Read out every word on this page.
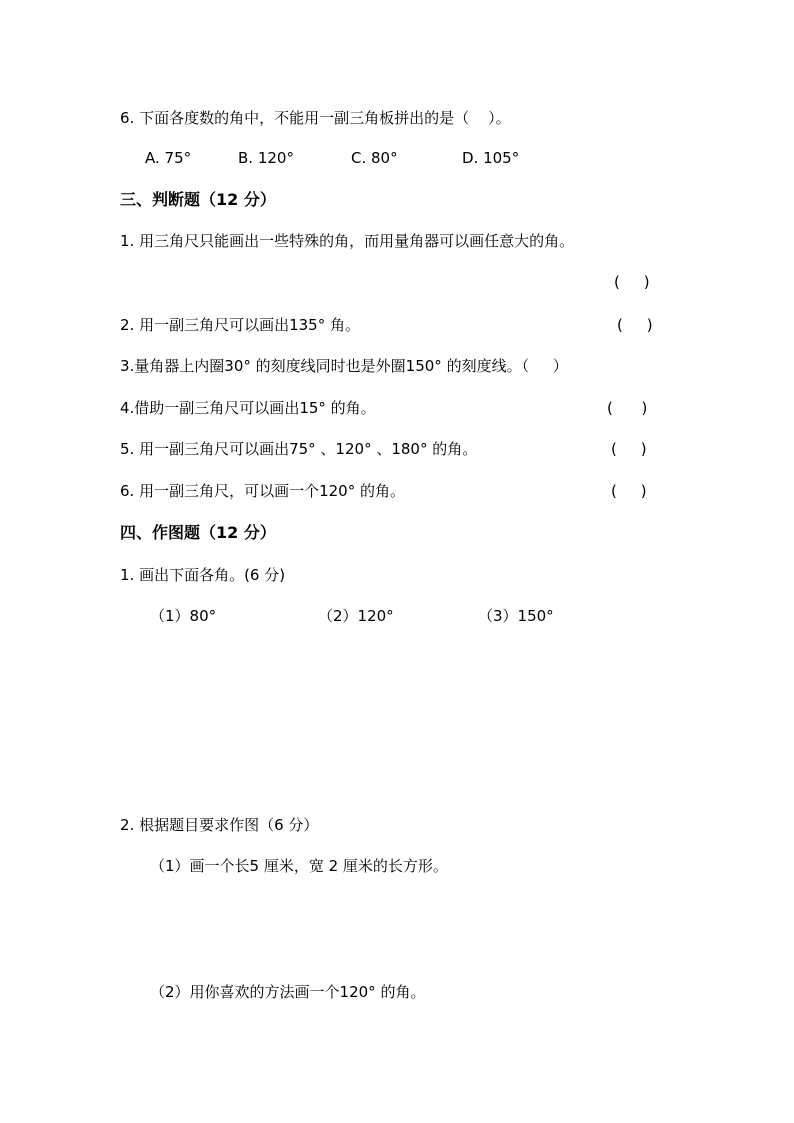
6. 下面各度数的角中，不能用一副三角板拼出的是（    ）。
A. 75°	B. 120°	C. 80°	D. 105°
三、判断题（12 分）
1. 用三角尺只能画出一些特殊的角，而用量角器可以画任意大的角。
(     )
2. 用一副三角尺可以画出135° 角。	(     )
3.量角器上内圈30° 的刻度线同时也是外圈150° 的刻度线。（     ）
4.借助一副三角尺可以画出15° 的角。	(      )
5. 用一副三角尺可以画出75° 、120° 、180° 的角。	(     )
6. 用一副三角尺，可以画一个120° 的角。	(     )
四、作图题（12 分）
1. 画出下面各角。(6 分)
（1）80°	（2）120°	（3）150°
2. 根据题目要求作图（6 分）
（1）画一个长5 厘米，宽 2 厘米的长方形。
（2）用你喜欢的方法画一个120° 的角。
